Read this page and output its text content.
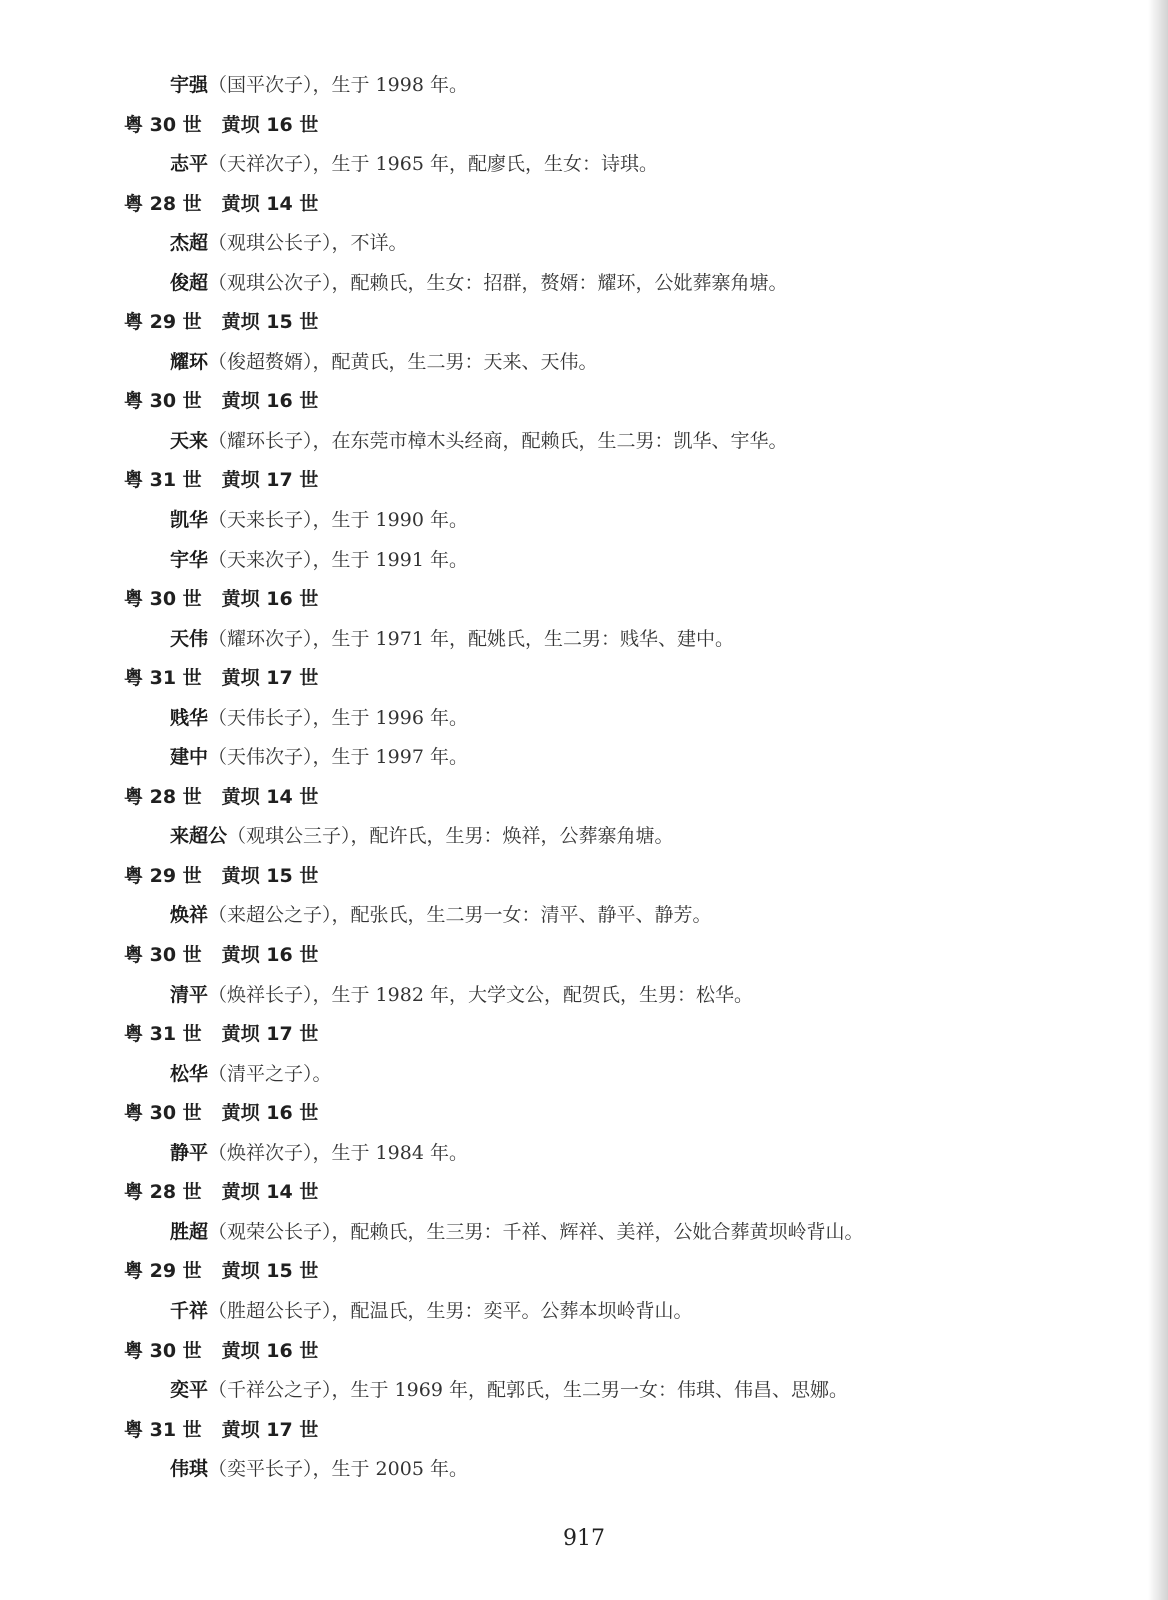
宇强（国平次子），生于 1998 年。
粤 30 世 黄坝 16 世
志平（天祥次子），生于 1965 年，配廖氏，生女：诗琪。
粤 28 世 黄坝 14 世
杰超（观琪公长子），不详。
俊超（观琪公次子），配赖氏，生女：招群，赘婿：耀环，公妣葬寨角塘。
粤 29 世 黄坝 15 世
耀环（俊超赘婿），配黄氏，生二男：天来、天伟。
粤 30 世 黄坝 16 世
天来（耀环长子），在东莞市樟木头经商，配赖氏，生二男：凯华、宇华。
粤 31 世 黄坝 17 世
凯华（天来长子），生于 1990 年。
宇华（天来次子），生于 1991 年。
粤 30 世 黄坝 16 世
天伟（耀环次子），生于 1971 年，配姚氏，生二男：贱华、建中。
粤 31 世 黄坝 17 世
贱华（天伟长子），生于 1996 年。
建中（天伟次子），生于 1997 年。
粤 28 世 黄坝 14 世
来超公（观琪公三子），配许氏，生男：焕祥，公葬寨角塘。
粤 29 世 黄坝 15 世
焕祥（来超公之子），配张氏，生二男一女：清平、静平、静芳。
粤 30 世 黄坝 16 世
清平（焕祥长子），生于 1982 年，大学文公，配贺氏，生男：松华。
粤 31 世 黄坝 17 世
松华（清平之子）。
粤 30 世 黄坝 16 世
静平（焕祥次子），生于 1984 年。
粤 28 世 黄坝 14 世
胜超（观荣公长子），配赖氏，生三男：千祥、辉祥、美祥，公妣合葬黄坝岭背山。
粤 29 世 黄坝 15 世
千祥（胜超公长子），配温氏，生男：奕平。公葬本坝岭背山。
粤 30 世 黄坝 16 世
奕平（千祥公之子），生于 1969 年，配郭氏，生二男一女：伟琪、伟昌、思娜。
粤 31 世 黄坝 17 世
伟琪（奕平长子），生于 2005 年。
917
